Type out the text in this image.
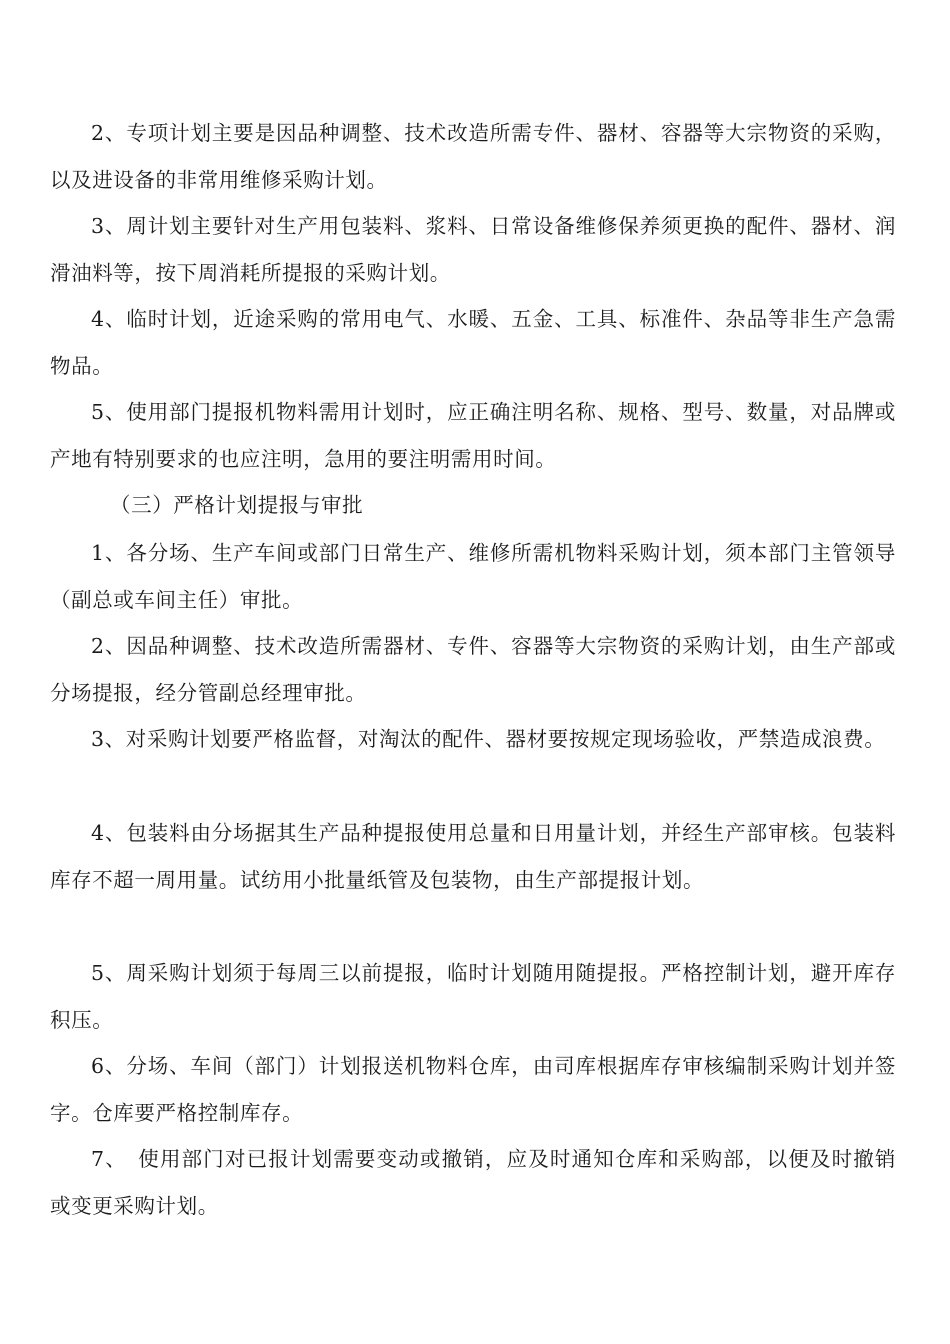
2、专项计划主要是因品种调整、技术改造所需专件、器材、容器等大宗物资的采购，以及进设备的非常用维修采购计划。

3、周计划主要针对生产用包装料、浆料、日常设备维修保养须更换的配件、器材、润滑油料等，按下周消耗所提报的采购计划。

4、临时计划，近途采购的常用电气、水暖、五金、工具、标准件、杂品等非生产急需物品。

5、使用部门提报机物料需用计划时，应正确注明名称、规格、型号、数量，对品牌或产地有特别要求的也应注明，急用的要注明需用时间。

（三）严格计划提报与审批

1、各分场、生产车间或部门日常生产、维修所需机物料采购计划，须本部门主管领导（副总或车间主任）审批。

2、因品种调整、技术改造所需器材、专件、容器等大宗物资的采购计划，由生产部或分场提报，经分管副总经理审批。

3、对采购计划要严格监督，对淘汰的配件、器材要按规定现场验收，严禁造成浪费。

4、包装料由分场据其生产品种提报使用总量和日用量计划，并经生产部审核。包装料库存不超一周用量。试纺用小批量纸管及包装物，由生产部提报计划。

5、周采购计划须于每周三以前提报，临时计划随用随提报。严格控制计划，避开库存积压。

6、分场、车间（部门）计划报送机物料仓库，由司库根据库存审核编制采购计划并签字。仓库要严格控制库存。

7、　使用部门对已报计划需要变动或撤销，应及时通知仓库和采购部，以便及时撤销或变更采购计划。
